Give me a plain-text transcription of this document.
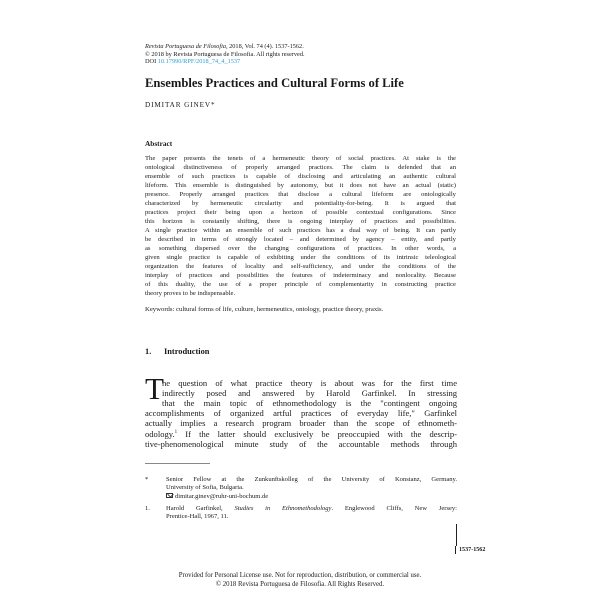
Revista Portuguesa de Filosofia, 2018, Vol. 74 (4). 1537-1562.
© 2018 by Revista Portuguesa de Filosofia. All rights reserved.
DOI 10.17990/RPF/2018_74_4_1537
Ensembles Practices and Cultural Forms of Life
DIMITAR GINEV*
Abstract
The paper presents the tenets of a hermeneutic theory of social practices. At stake is the
ontological distinctiveness of properly arranged practices. The claim is defended that an
ensemble of such practices is capable of disclosing and articulating an authentic cultural
lifeform. This ensemble is distinguished by autonomy, but it does not have an actual (static)
presence. Properly arranged practices that disclose a cultural lifeform are ontologically
characterized by hermeneutic circularity and potentiality-for-being. It is argued that
practices project their being upon a horizon of possible contextual configurations. Since
this horizon is constantly shifting, there is ongoing interplay of practices and possibilities.
A single practice within an ensemble of such practices has a dual way of being. It can partly
be described in terms of strongly located – and determined by agency – entity, and partly
as something dispersed over the changing configurations of practices. In other words, a
given single practice is capable of exhibiting under the conditions of its intrinsic teleological
organization the features of locality and self-sufficiency, and under the conditions of the
interplay of practices and possibilities the features of indeterminacy and nonlocality. Because
of this duality, the use of a proper principle of complementarity in constructing practice
theory proves to be indispensable.
Keywords: cultural forms of life, culture, hermeneutics, ontology, practice theory, praxis.
1. Introduction
T
he question of what practice theory is about was for the first time
indirectly posed and answered by Harold Garfinkel. In stressing
that the main topic of ethnomethodology is the "contingent ongoing
accomplishments of organized artful practices of everyday life," Garfinkel
actually implies a research program broader than the scope of ethnometh-
odology.$^1$ If the latter should exclusively be preoccupied with the descrip-
tive-phenomenological minute study of the accountable methods through
*	Senior Fellow at the Zunkunftskolleg of the University of Konstanz, Germany.
University of Sofia, Bulgaria.
dimitar.ginev@ruhr-uni-bochum.de
1. Harold Garfinkel, Studies in Ethnomethodology. Englewood Cliffs, New Jersey:
Prentice-Hall, 1967, 11.
1537-1562
Provided for Personal License use. Not for reproduction, distribution, or commercial use.
© 2018 Revista Portuguesa de Filosofia. All Rights Reserved.
